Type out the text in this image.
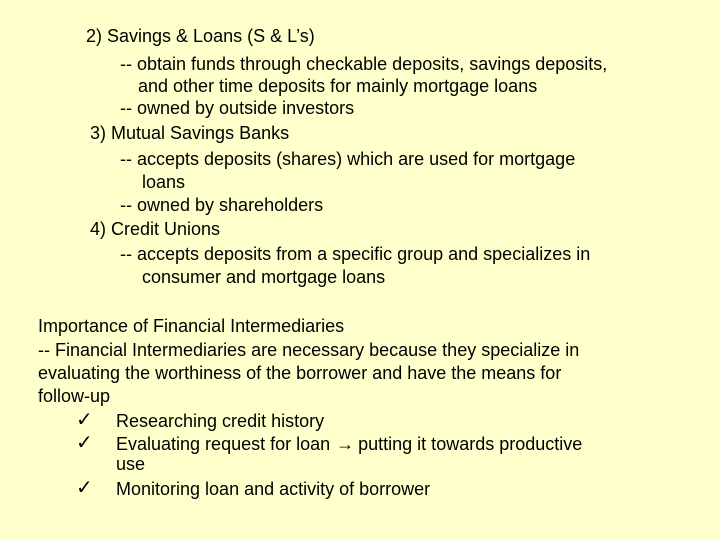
2) Savings & Loans (S & L’s)
-- obtain funds through checkable deposits, savings deposits,
and other time deposits for mainly mortgage loans
-- owned by outside investors
3) Mutual Savings Banks
-- accepts deposits (shares) which are used for mortgage
loans
-- owned by shareholders
4) Credit Unions
-- accepts deposits from a specific group and specializes in
consumer and mortgage loans
Importance of Financial Intermediaries
-- Financial Intermediaries are necessary because they specialize in
evaluating the worthiness of the borrower and have the means for
follow-up
✓ Researching credit history
✓ Evaluating request for loan → putting it towards productive
use
✓ Monitoring loan and activity of borrower
